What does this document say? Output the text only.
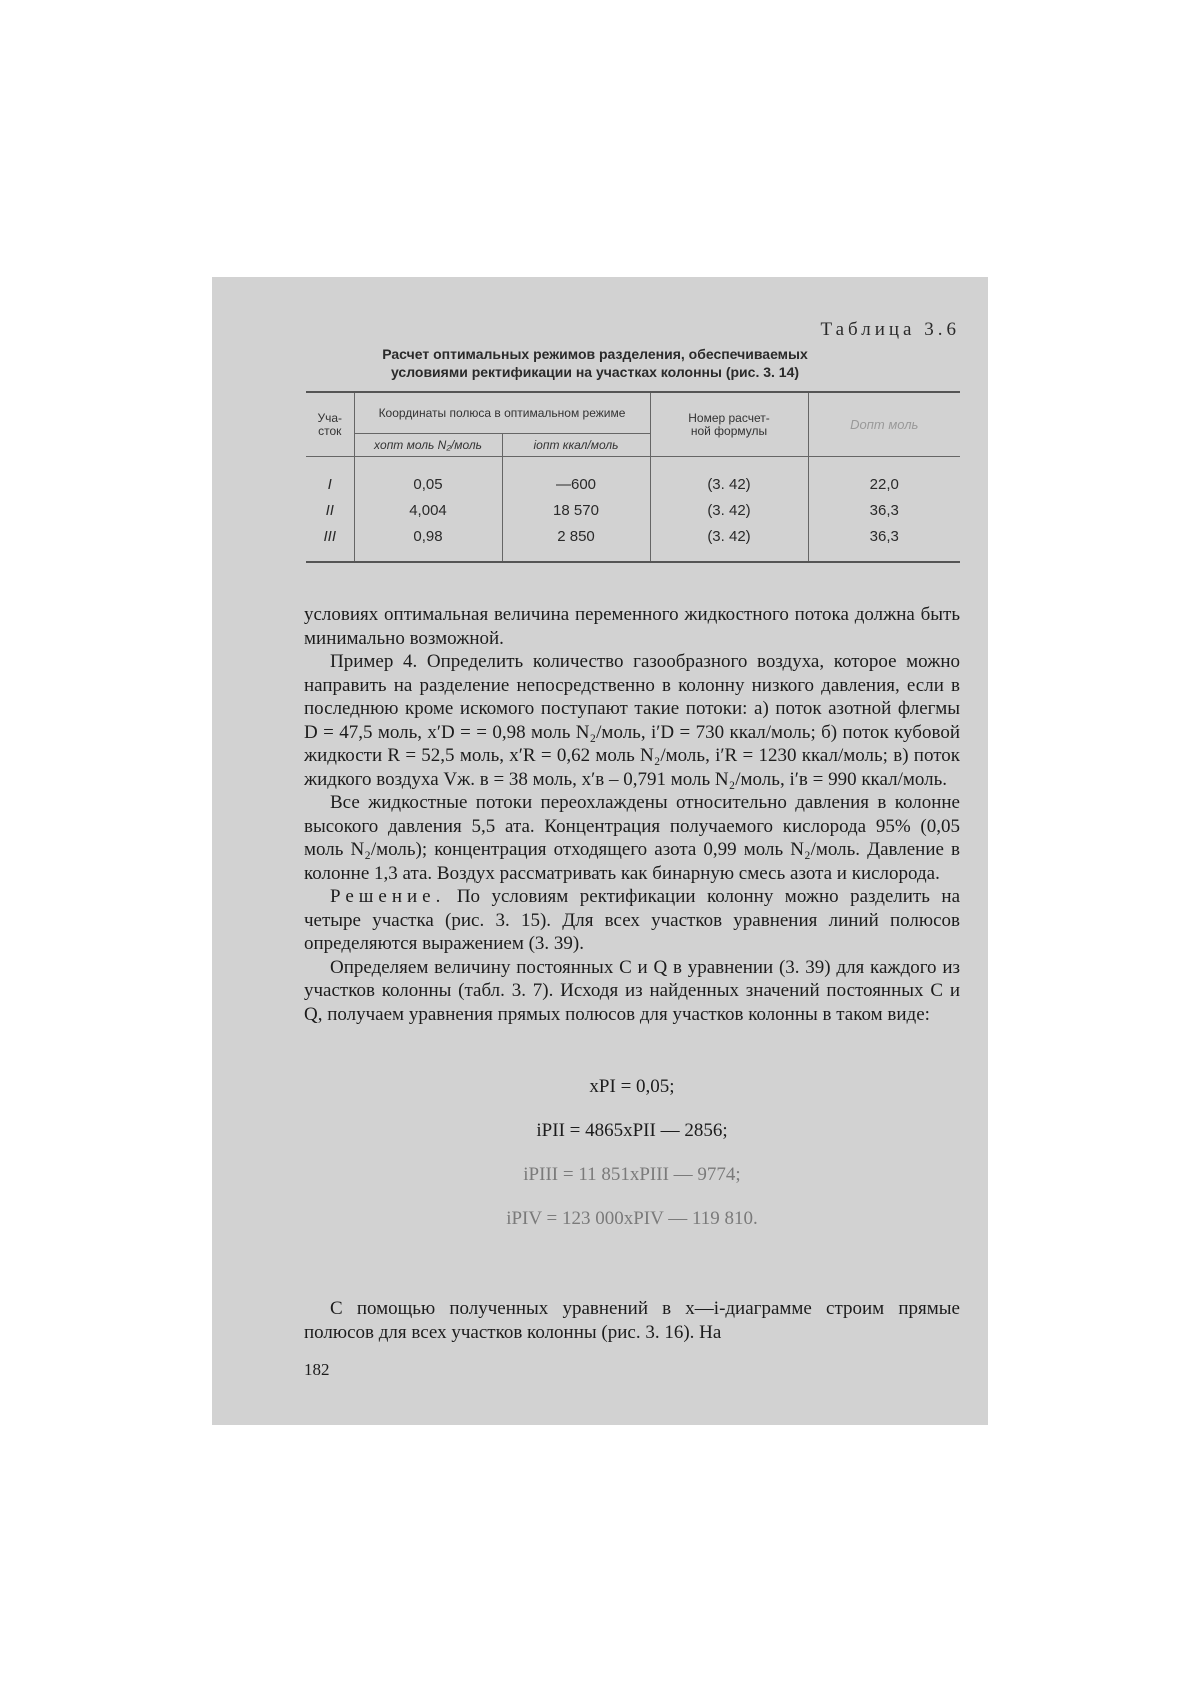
Таблица 3.6
Расчет оптимальных режимов разделения, обеспечиваемых
условиями ректификации на участках колонны (рис. 3. 14)
Уча-
сток	Координаты полюса в оптимальном режиме		Номер расчет-
ной формулы	Dопт моль
	xопт моль N₂/моль	iопт ккал/моль		
I	0,05	—600	(3. 42)	22,0
II	4,004	18 570	(3. 42)	36,3
III	0,98	2 850	(3. 42)	36,3

условиях оптимальная величина переменного жидкостного потока должна быть минимально возможной.

Пример 4. Определить количество газообразного воздуха, которое можно направить на разделение непосредственно в колонну низкого давления, если в последнюю кроме искомого поступают такие потоки: а) поток азотной флегмы D = 47,5 моль, x′D = = 0,98 моль N₂/моль, i′D = 730 ккал/моль; б) поток кубовой жидкости R = 52,5 моль, x′R = 0,62 моль N₂/моль, i′R = 1230 ккал/моль; в) поток жидкого воздуха Vж. в = 38 моль, x′в – 0,791 моль N₂/моль, i′в = 990 ккал/моль.

Все жидкостные потоки переохлаждены относительно давления в колонне высокого давления 5,5 ата. Концентрация получаемого кислорода 95% (0,05 моль N₂/моль); концентрация отходящего азота 0,99 моль N₂/моль. Давление в колонне 1,3 ата. Воздух рассматривать как бинарную смесь азота и кислорода.

Решение. По условиям ректификации колонну можно разделить на четыре участка (рис. 3. 15). Для всех участков уравнения линий полюсов определяются выражением (3. 39).

Определяем величину постоянных C и Q в уравнении (3. 39) для каждого из участков колонны (табл. 3. 7). Исходя из найденных значений постоянных C и Q, получаем уравнения прямых полюсов для участков колонны в таком виде:

xPI = 0,05;
iPII = 4865xPII — 2856;
iPIII = 11 851xPIII — 9774;
iPIV = 123 000xPIV — 119 810.

С помощью полученных уравнений в x—i-диаграмме строим прямые полюсов для всех участков колонны (рис. 3. 16). На

182
